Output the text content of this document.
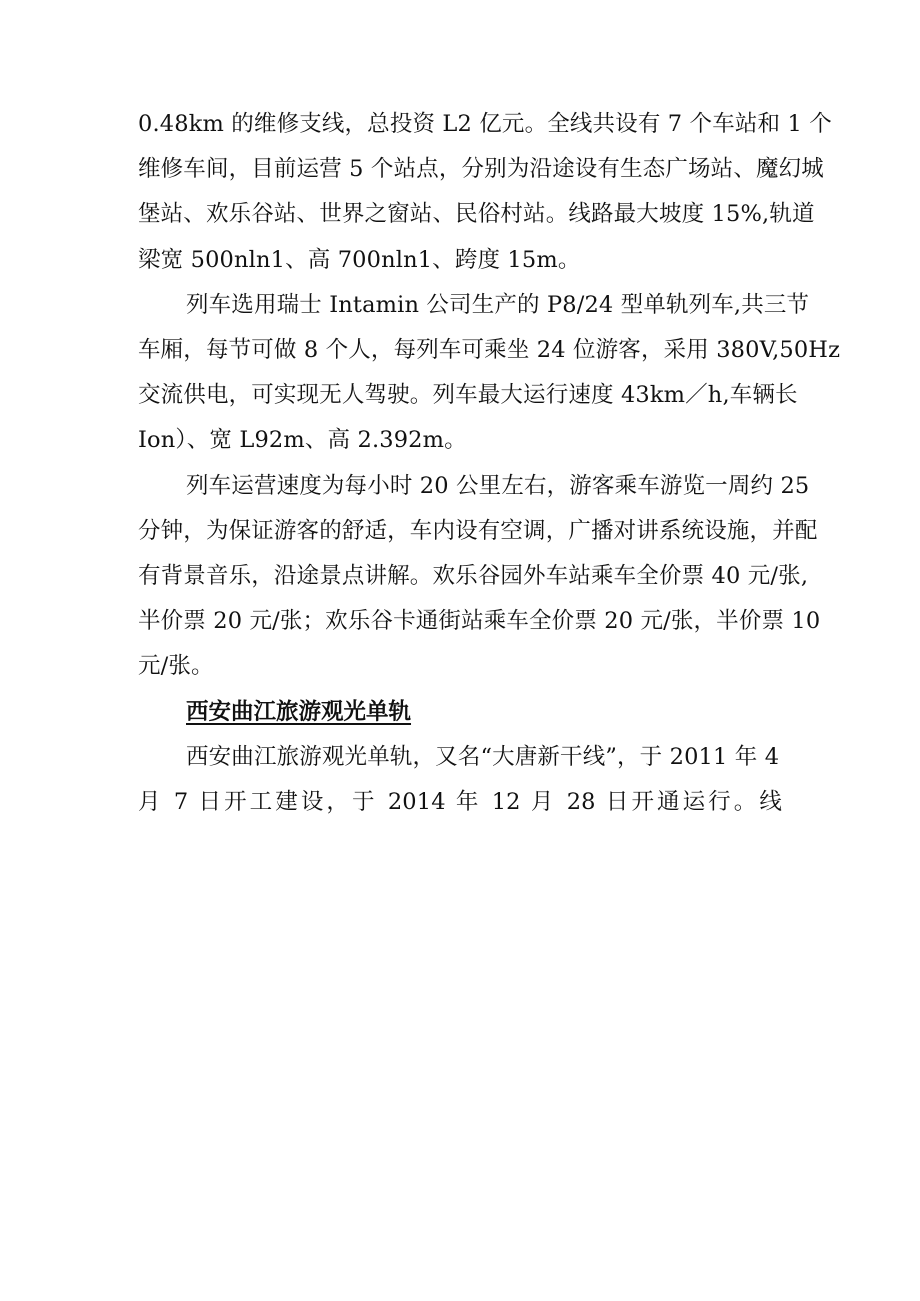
0.48km 的维修支线，总投资 L2 亿元。全线共设有 7 个车站和 1 个
维修车间，目前运营 5 个站点，分别为沿途设有生态广场站、魔幻城
堡站、欢乐谷站、世界之窗站、民俗村站。线路最大坡度 15%,轨道
梁宽 500nln1、高 700nln1、跨度 15m。

列车选用瑞士 Intamin 公司生产的 P8/24 型单轨列车,共三节
车厢，每节可做 8 个人，每列车可乘坐 24 位游客，采用 380V,50Hz
交流供电，可实现无人驾驶。列车最大运行速度 43km／h,车辆长
Ion）、宽 L92m、高 2.392m。

列车运营速度为每小时 20 公里左右，游客乘车游览一周约 25
分钟，为保证游客的舒适，车内设有空调，广播对讲系统设施，并配
有背景音乐，沿途景点讲解。欢乐谷园外车站乘车全价票 40 元/张,
半价票 20 元/张；欢乐谷卡通街站乘车全价票 20 元/张，半价票 10
元/张。

西安曲江旅游观光单轨

西安曲江旅游观光单轨，又名“大唐新干线”，于 2011 年 4
月 7 日开工建设，于 2014 年 12 月 28 日开通运行。线
